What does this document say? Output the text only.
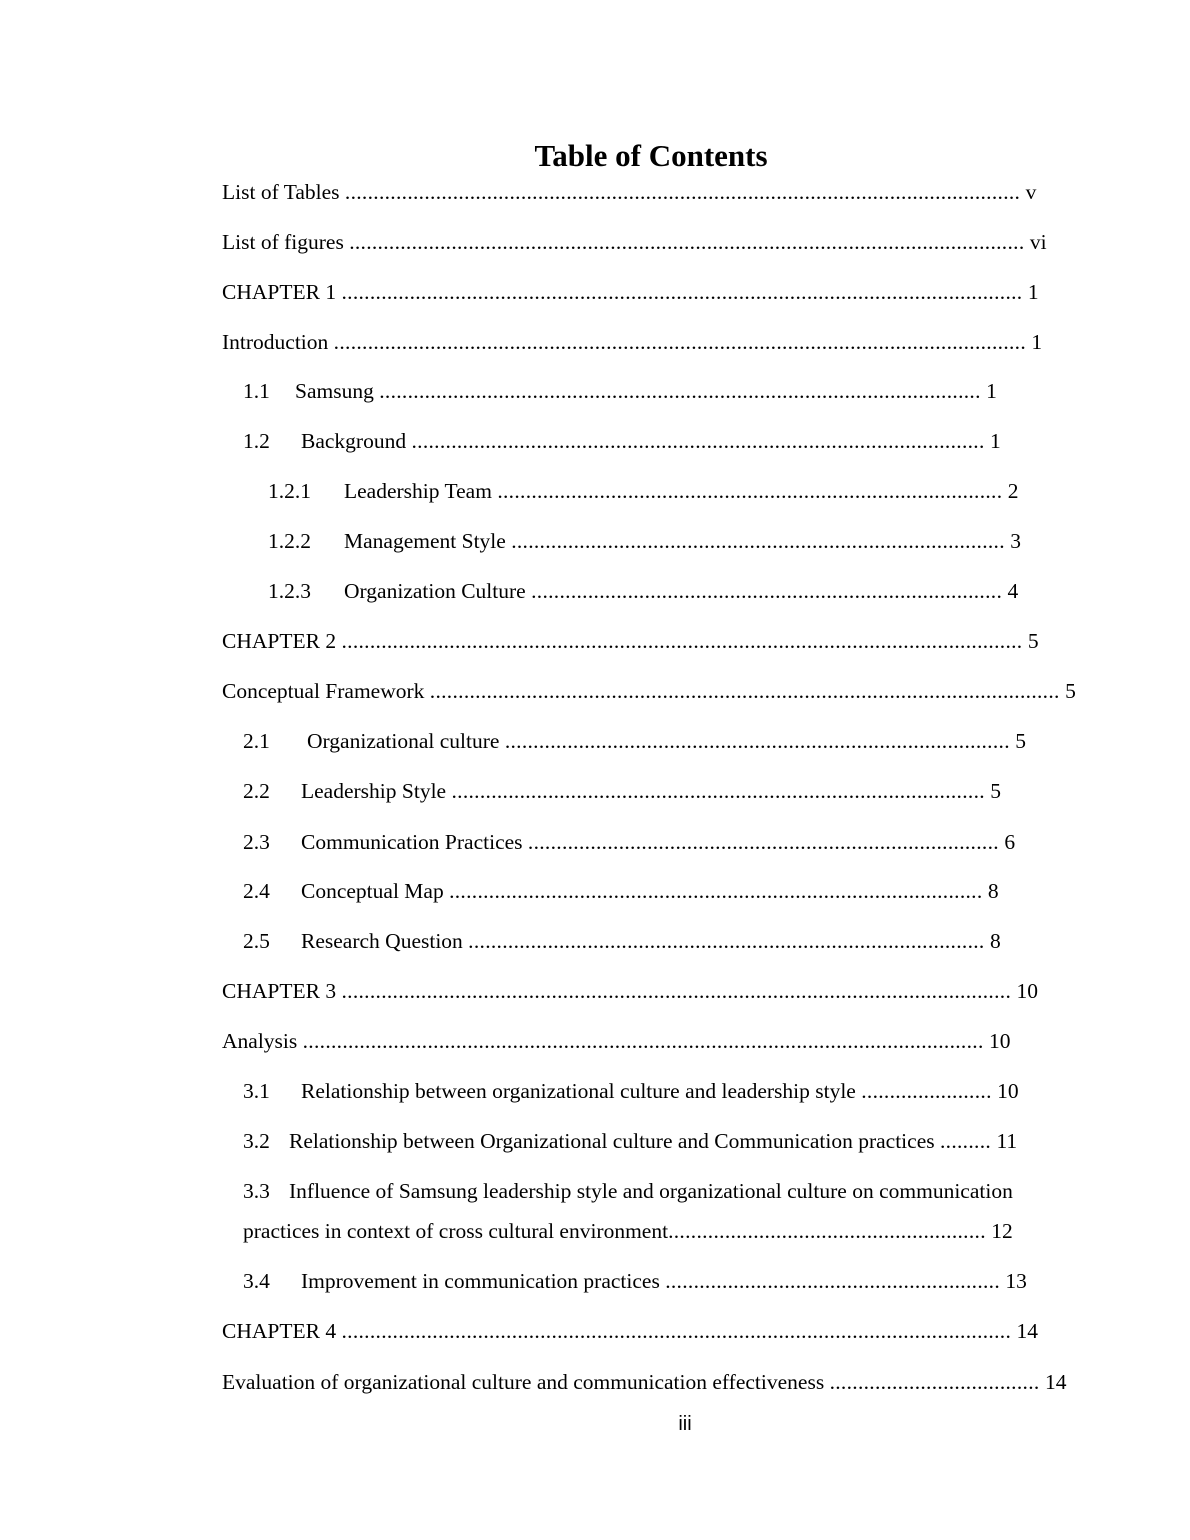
Table of Contents
List of Tables ....................................................................................................................... v
List of figures ....................................................................................................................... vi
CHAPTER 1 ........................................................................................................................ 1
Introduction .......................................................................................................................... 1
1.1 Samsung .......................................................................................................... 1
1.2 Background ..................................................................................................... 1
1.2.1 Leadership Team ......................................................................................... 2
1.2.2 Management Style ....................................................................................... 3
1.2.3 Organization Culture ................................................................................... 4
CHAPTER 2 ........................................................................................................................ 5
Conceptual Framework ............................................................................................................... 5
2.1 Organizational culture ......................................................................................... 5
2.2 Leadership Style .............................................................................................. 5
2.3 Communication Practices ................................................................................... 6
2.4 Conceptual Map .............................................................................................. 8
2.5 Research Question ........................................................................................... 8
CHAPTER 3 ...................................................................................................................... 10
Analysis ........................................................................................................................ 10
3.1 Relationship between organizational culture and leadership style ....................... 10
3.2 Relationship between Organizational culture and Communication practices ......... 11
3.3 Influence of Samsung leadership style and organizational culture on communication
practices in context of cross cultural environment........................................................ 12
3.4 Improvement in communication practices ........................................................... 13
CHAPTER 4 ...................................................................................................................... 14
Evaluation of organizational culture and communication effectiveness ..................................... 14
iii
